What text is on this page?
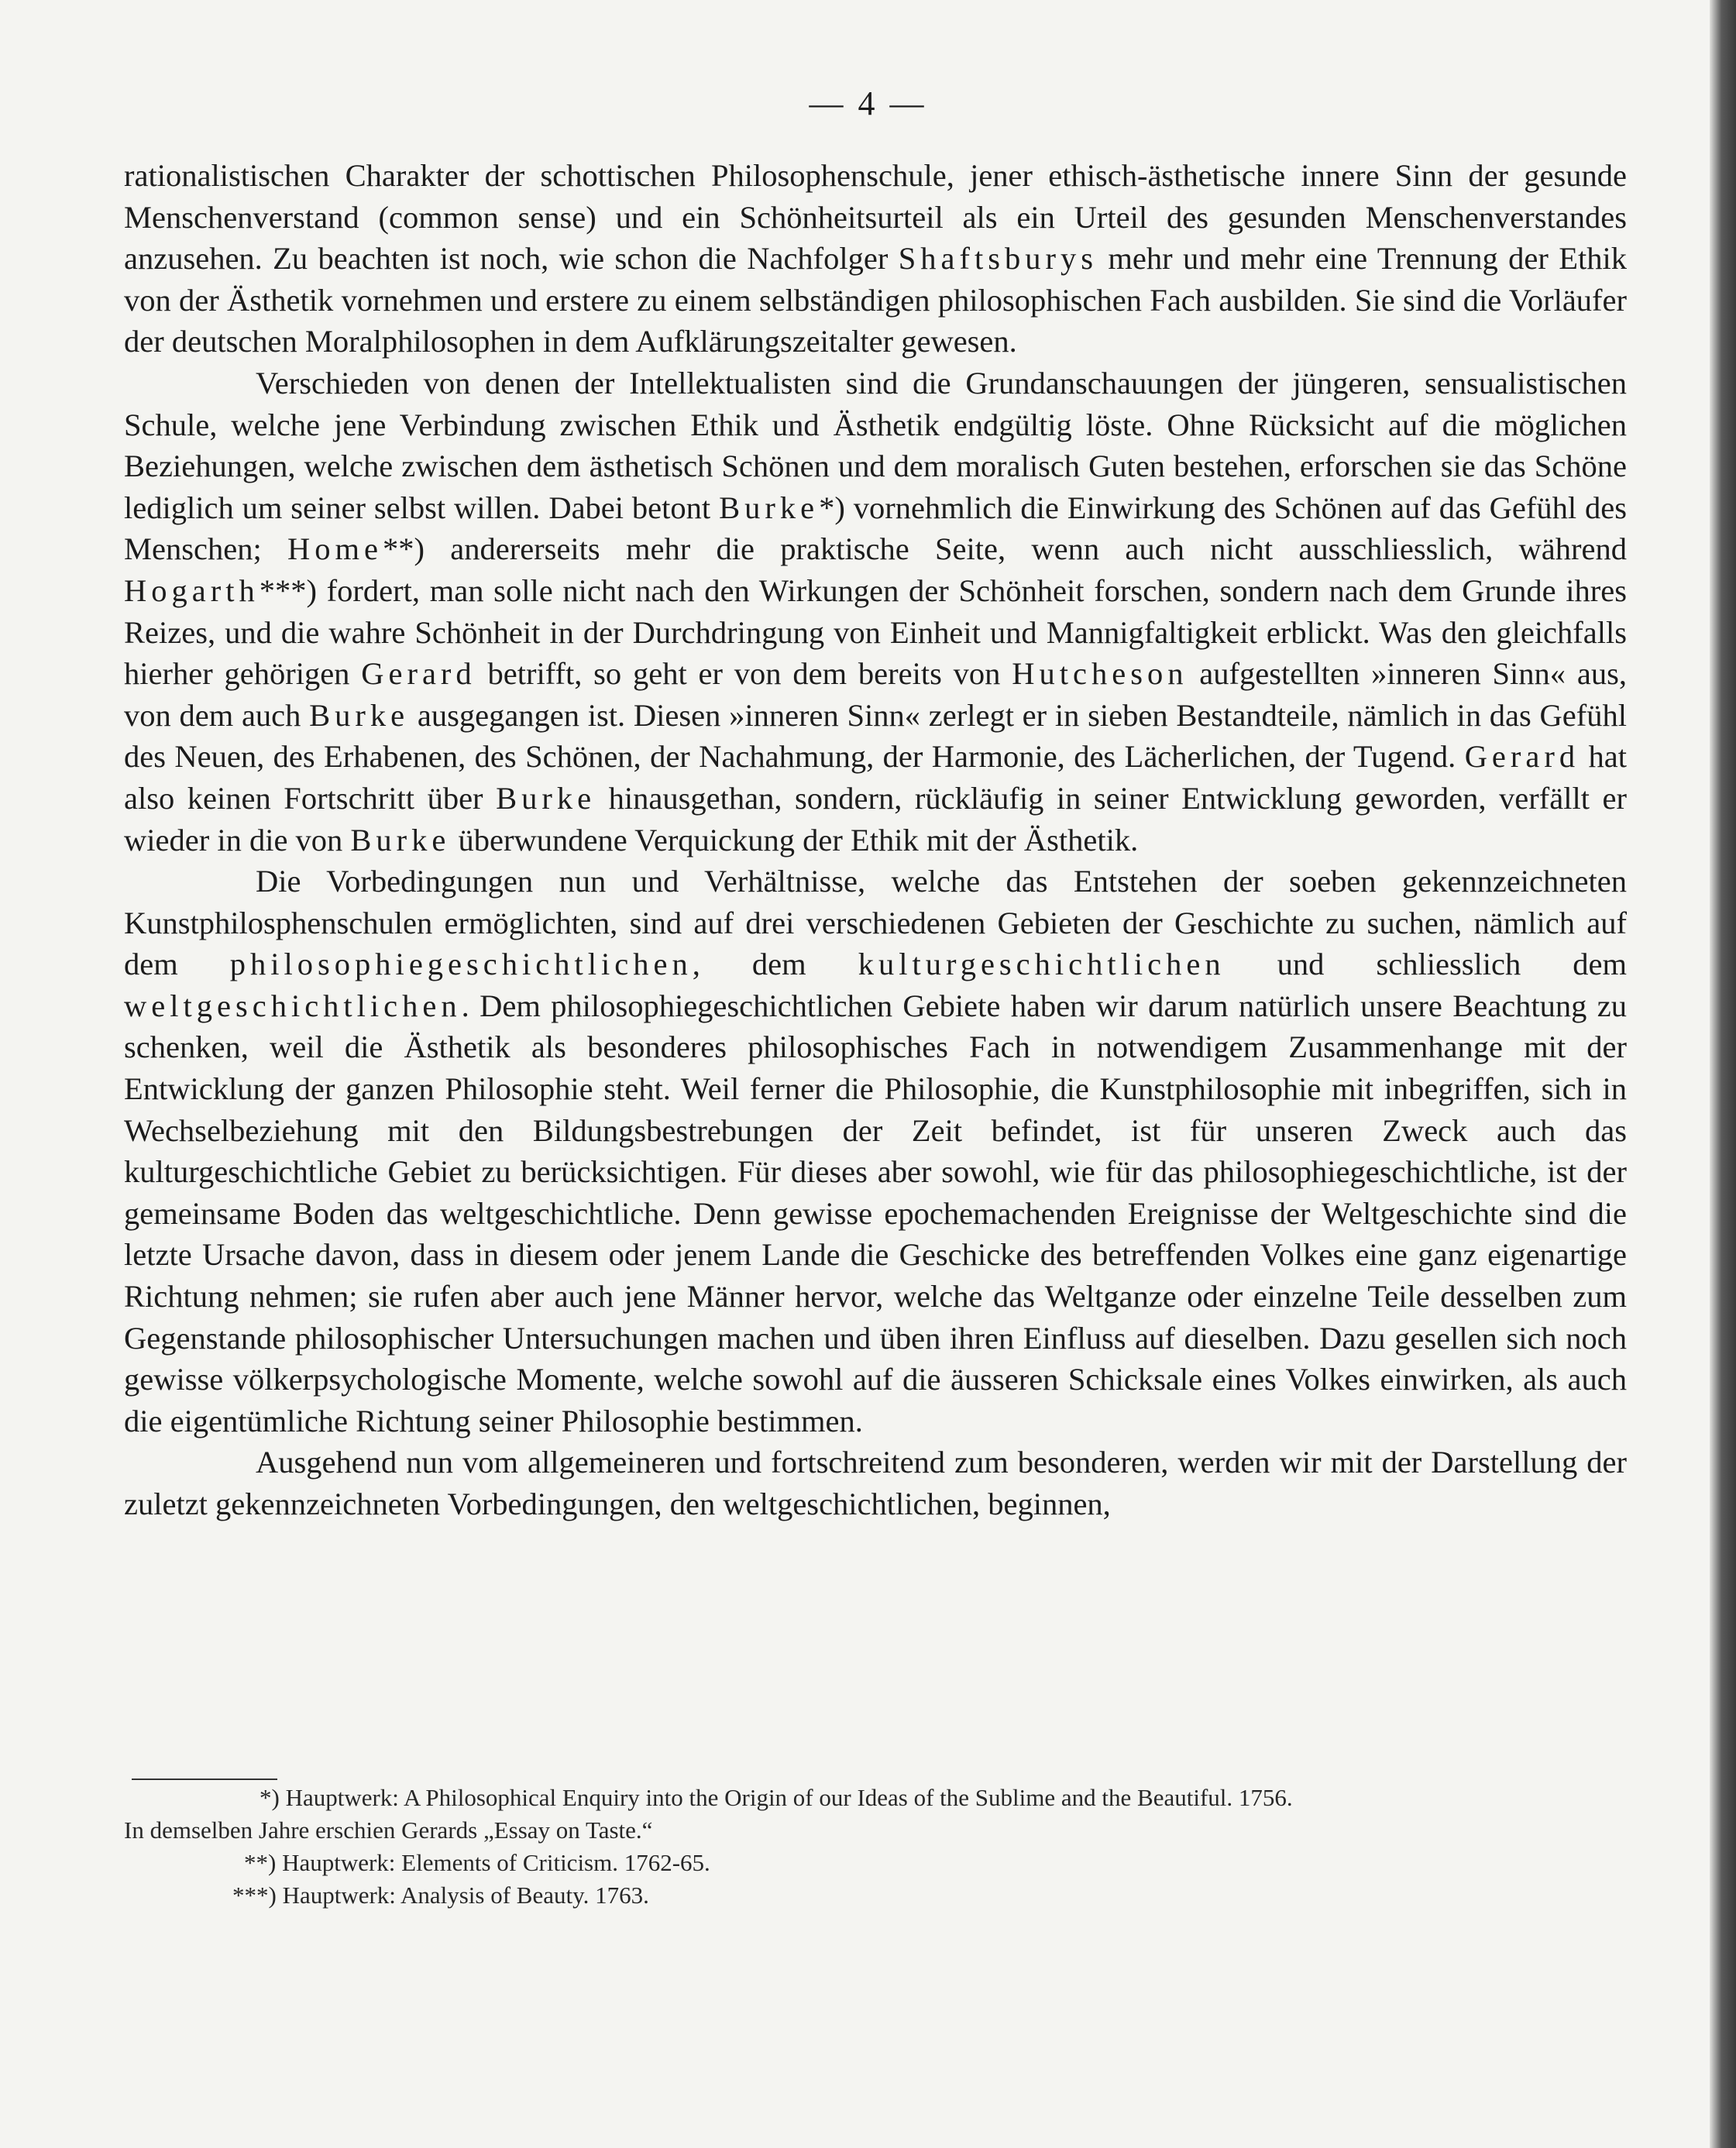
— 4 —

rationalistischen Charakter der schottischen Philosophenschule, jener ethisch-ästhetische innere Sinn der gesunde Menschenverstand (common sense) und ein Schönheitsurteil als ein Urteil des gesunden Menschenverstandes anzusehen. Zu beachten ist noch, wie schon die Nachfolger Shaftsburys mehr und mehr eine Trennung der Ethik von der Ästhetik vornehmen und erstere zu einem selbständigen philosophischen Fach ausbilden. Sie sind die Vorläufer der deutschen Moralphilosophen in dem Aufklärungszeitalter gewesen.

Verschieden von denen der Intellektualisten sind die Grundanschauungen der jüngeren, sensualistischen Schule, welche jene Verbindung zwischen Ethik und Ästhetik endgültig löste. Ohne Rücksicht auf die möglichen Beziehungen, welche zwischen dem ästhetisch Schönen und dem moralisch Guten bestehen, erforschen sie das Schöne lediglich um seiner selbst willen. Dabei betont Burke*) vornehmlich die Einwirkung des Schönen auf das Gefühl des Menschen; Home**) andererseits mehr die praktische Seite, wenn auch nicht ausschliesslich, während Hogarth***) fordert, man solle nicht nach den Wirkungen der Schönheit forschen, sondern nach dem Grunde ihres Reizes, und die wahre Schönheit in der Durchdringung von Einheit und Mannigfaltigkeit erblickt. Was den gleichfalls hierher gehörigen Gerard betrifft, so geht er von dem bereits von Hutcheson aufgestellten »inneren Sinn« aus, von dem auch Burke ausgegangen ist. Diesen »inneren Sinn« zerlegt er in sieben Bestandteile, nämlich in das Gefühl des Neuen, des Erhabenen, des Schönen, der Nachahmung, der Harmonie, des Lächerlichen, der Tugend. Gerard hat also keinen Fortschritt über Burke hinausgethan, sondern, rückläufig in seiner Entwicklung geworden, verfällt er wieder in die von Burke überwundene Verquickung der Ethik mit der Ästhetik.

Die Vorbedingungen nun und Verhältnisse, welche das Entstehen der soeben gekennzeichneten Kunstphilosphenschulen ermöglichten, sind auf drei verschiedenen Gebieten der Geschichte zu suchen, nämlich auf dem philosophiegeschichtlichen, dem kulturgeschichtlichen und schliesslich dem weltgeschichtlichen. Dem philosophiegeschichtlichen Gebiete haben wir darum natürlich unsere Beachtung zu schenken, weil die Ästhetik als besonderes philosophisches Fach in notwendigem Zusammenhange mit der Entwicklung der ganzen Philosophie steht. Weil ferner die Philosophie, die Kunstphilosophie mit inbegriffen, sich in Wechselbeziehung mit den Bildungsbestrebungen der Zeit befindet, ist für unseren Zweck auch das kulturgeschichtliche Gebiet zu berücksichtigen. Für dieses aber sowohl, wie für das philosophiegeschichtliche, ist der gemeinsame Boden das weltgeschichtliche. Denn gewisse epochemachenden Ereignisse der Weltgeschichte sind die letzte Ursache davon, dass in diesem oder jenem Lande die Geschicke des betreffenden Volkes eine ganz eigenartige Richtung nehmen; sie rufen aber auch jene Männer hervor, welche das Weltganze oder einzelne Teile desselben zum Gegenstande philosophischer Untersuchungen machen und üben ihren Einfluss auf dieselben. Dazu gesellen sich noch gewisse völkerpsychologische Momente, welche sowohl auf die äusseren Schicksale eines Volkes einwirken, als auch die eigentümliche Richtung seiner Philosophie bestimmen.

Ausgehend nun vom allgemeineren und fortschreitend zum besonderen, werden wir mit der Darstellung der zuletzt gekennzeichneten Vorbedingungen, den weltgeschichtlichen, beginnen,

*) Hauptwerk: A Philosophical Enquiry into the Origin of our Ideas of the Sublime and the Beautiful. 1756.

In demselben Jahre erschien Gerards „Essay on Taste.“

**) Hauptwerk: Elements of Criticism. 1762-65.

***) Hauptwerk: Analysis of Beauty. 1763.
